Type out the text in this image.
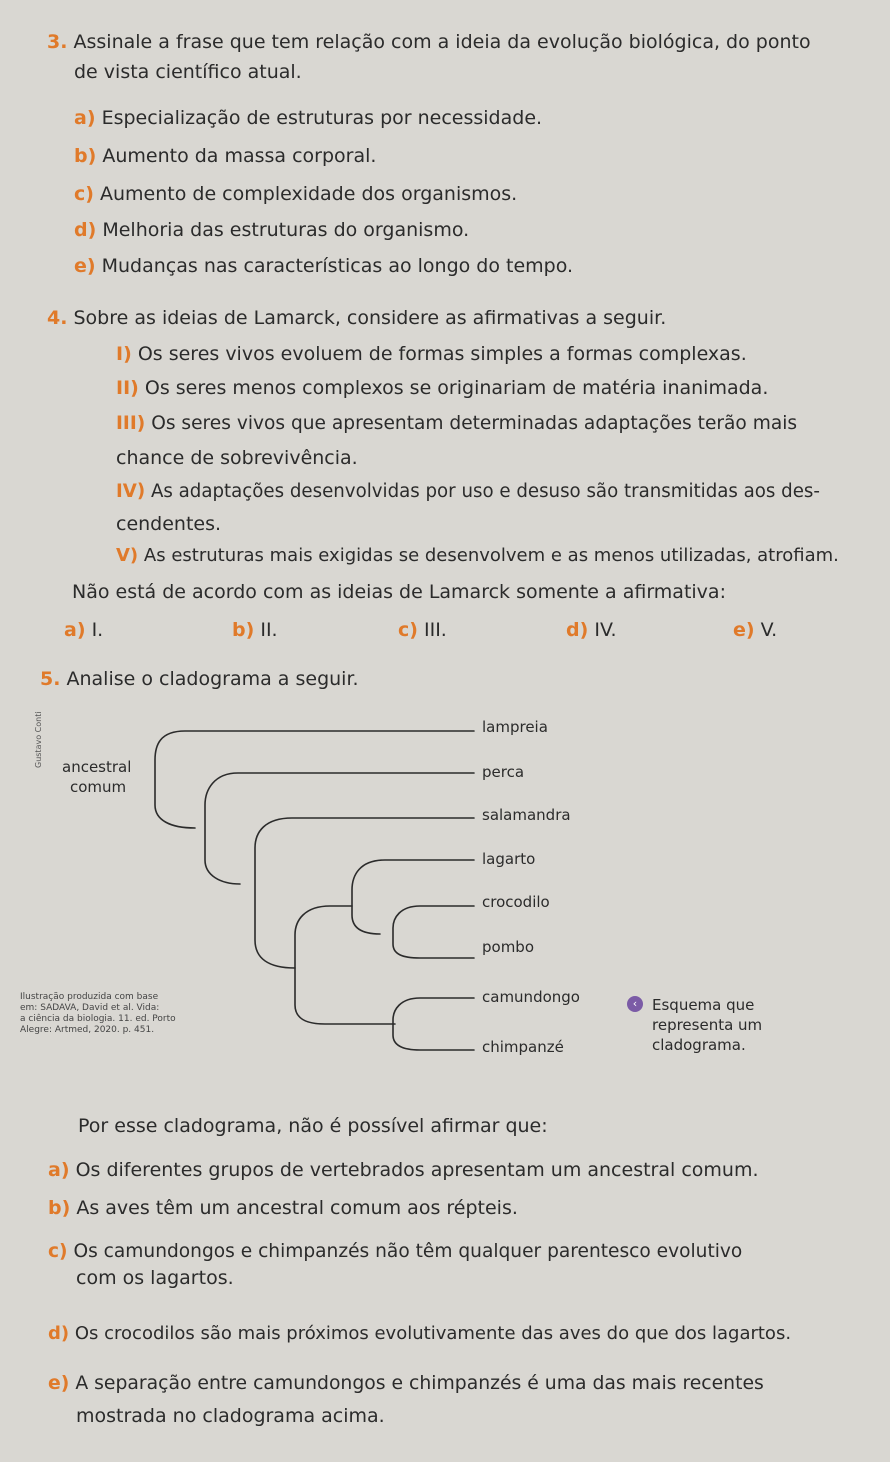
3. Assinale a frase que tem relação com a ideia da evolução biológica, do ponto
de vista científico atual.
a) Especialização de estruturas por necessidade.
b) Aumento da massa corporal.
c) Aumento de complexidade dos organismos.
d) Melhoria das estruturas do organismo.
e) Mudanças nas características ao longo do tempo.
4. Sobre as ideias de Lamarck, considere as afirmativas a seguir.
I) Os seres vivos evoluem de formas simples a formas complexas.
II) Os seres menos complexos se originariam de matéria inanimada.
III) Os seres vivos que apresentam determinadas adaptações terão mais
chance de sobrevivência.
IV) As adaptações desenvolvidas por uso e desuso são transmitidas aos des-
cendentes.
V) As estruturas mais exigidas se desenvolvem e as menos utilizadas, atrofiam.
Não está de acordo com as ideias de Lamarck somente a afirmativa:
a) I.	b) II.	c) III.	d) IV.	e) V.
5. Analise o cladograma a seguir.
ancestral
comum
lampreia
perca
salamandra
lagarto
crocodilo
pombo
camundongo
chimpanzé
Gustavo Conti
Ilustração produzida com base
em: SADAVA, David et al. Vida:
a ciência da biologia. 11. ed. Porto
Alegre: Artmed, 2020. p. 451.
‹ Esquema que
representa um
cladograma.
Por esse cladograma, não é possível afirmar que:
a) Os diferentes grupos de vertebrados apresentam um ancestral comum.
b) As aves têm um ancestral comum aos répteis.
c) Os camundongos e chimpanzés não têm qualquer parentesco evolutivo
com os lagartos.
d) Os crocodilos são mais próximos evolutivamente das aves do que dos lagartos.
e) A separação entre camundongos e chimpanzés é uma das mais recentes
mostrada no cladograma acima.
